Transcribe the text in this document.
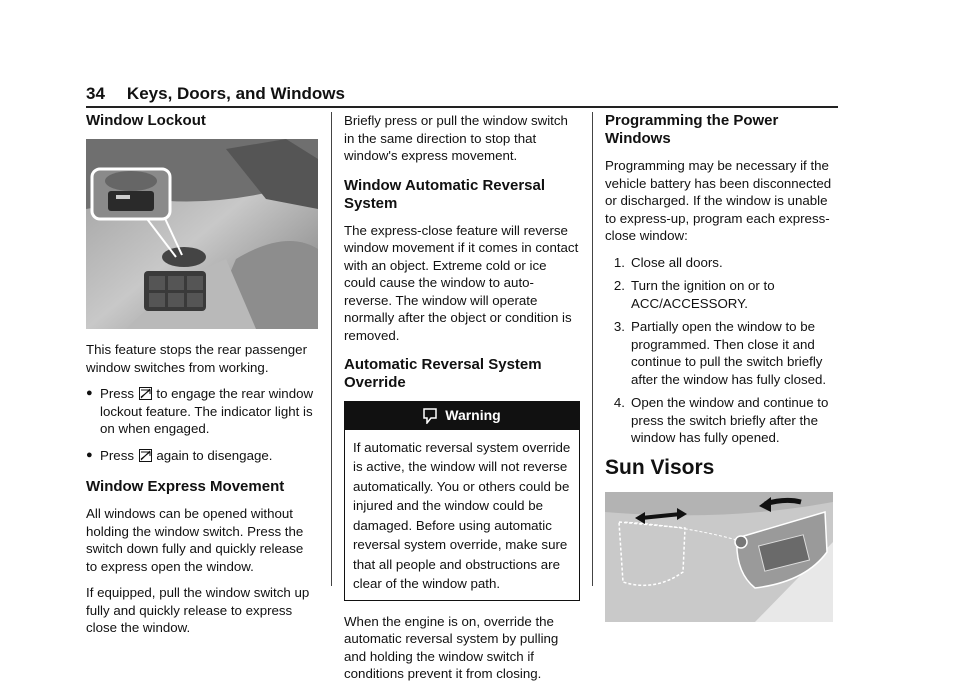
34 Keys, Doors, and Windows
Window Lockout

This feature stops the rear passenger window switches from working.

● Press  to engage the rear window lockout feature. The indicator light is on when engaged.
● Press  again to disengage.
Window Express Movement

All windows can be opened without holding the window switch. Press the switch down fully and quickly release to express open the window.

If equipped, pull the window switch up fully and quickly release to express close the window.

Briefly press or pull the window switch in the same direction to stop that window's express movement.

Window Automatic Reversal System

The express-close feature will reverse window movement if it comes in contact with an object. Extreme cold or ice could cause the window to auto-reverse. The window will operate normally after the object or condition is removed.

Automatic Reversal System Override
Warning
If automatic reversal system override is active, the window will not reverse automatically. You or others could be injured and the window could be damaged. Before using automatic reversal system override, make sure that all people and obstructions are clear of the window path.

When the engine is on, override the automatic reversal system by pulling and holding the window switch if conditions prevent it from closing.

Programming the Power Windows

Programming may be necessary if the vehicle battery has been disconnected or discharged. If the window is unable to express-up, program each express-close window:

1. Close all doors.
2. Turn the ignition on or to ACC/ACCESSORY.
3. Partially open the window to be programmed. Then close it and continue to pull the switch briefly after the window has fully closed.
4. Open the window and continue to press the switch briefly after the window has fully opened.
Sun Visors
